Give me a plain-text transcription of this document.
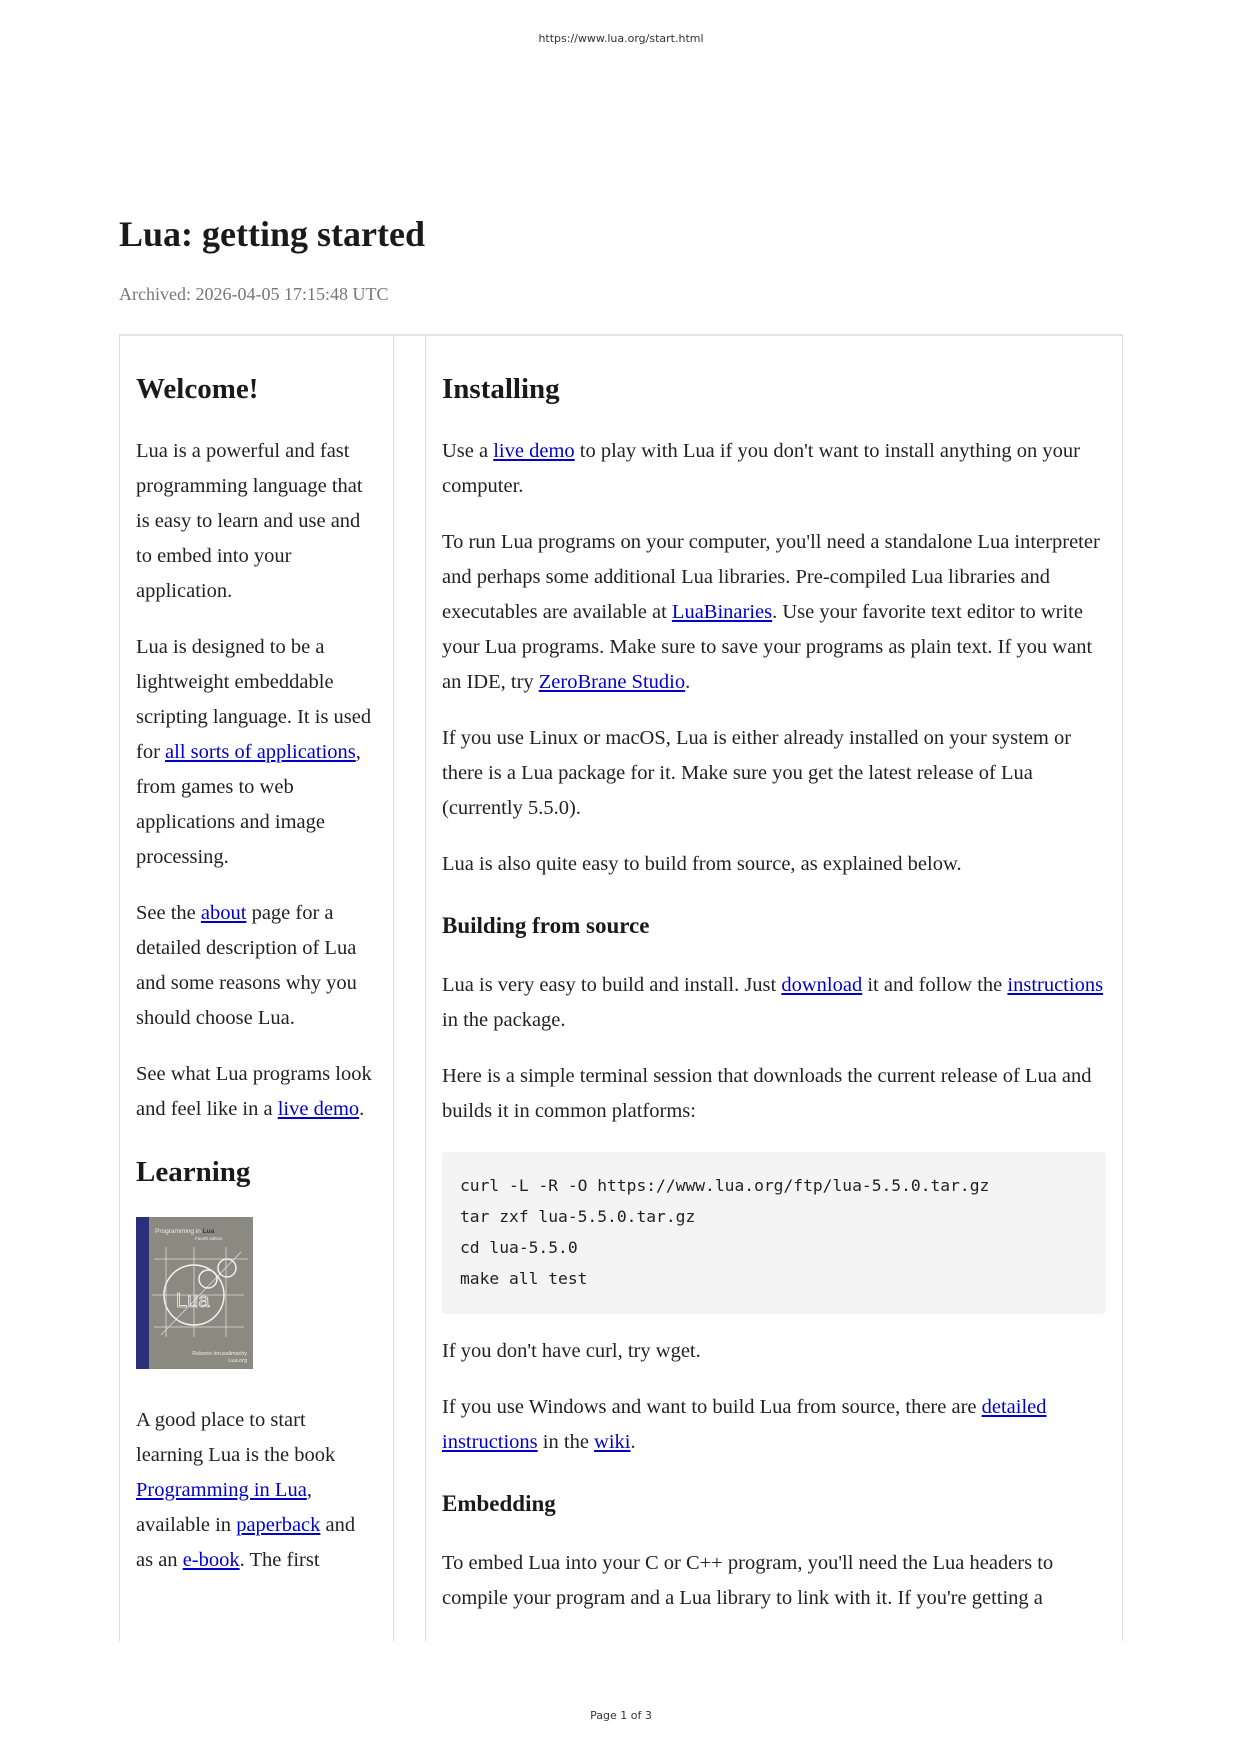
https://www.lua.org/start.html
Lua: getting started
Archived: 2026-04-05 17:15:48 UTC
Welcome!

Lua is a powerful and fast programming language that is easy to learn and use and to embed into your application.

Lua is designed to be a lightweight embeddable scripting language. It is used for all sorts of applications, from games to web applications and image processing.

See the about page for a detailed description of Lua and some reasons why you should choose Lua.

See what Lua programs look and feel like in a live demo.

Learning
Programming in Lua
Fourth edition
Lua
Roberto Ierusalimschy
Lua.org

A good place to start learning Lua is the book Programming in Lua, available in paperback and as an e-book. The first

Installing

Use a live demo to play with Lua if you don't want to install anything on your computer.

To run Lua programs on your computer, you'll need a standalone Lua interpreter and perhaps some additional Lua libraries. Pre-compiled Lua libraries and executables are available at LuaBinaries. Use your favorite text editor to write your Lua programs. Make sure to save your programs as plain text. If you want an IDE, try ZeroBrane Studio.

If you use Linux or macOS, Lua is either already installed on your system or there is a Lua package for it. Make sure you get the latest release of Lua (currently 5.5.0).

Lua is also quite easy to build from source, as explained below.

Building from source

Lua is very easy to build and install. Just download it and follow the instructions in the package.

Here is a simple terminal session that downloads the current release of Lua and builds it in common platforms:

curl -L -R -O https://www.lua.org/ftp/lua-5.5.0.tar.gz
tar zxf lua-5.5.0.tar.gz
cd lua-5.5.0
make all test

If you don't have curl, try wget.

If you use Windows and want to build Lua from source, there are detailed instructions in the wiki.

Embedding

To embed Lua into your C or C++ program, you'll need the Lua headers to compile your program and a Lua library to link with it. If you're getting a

Page 1 of 3
